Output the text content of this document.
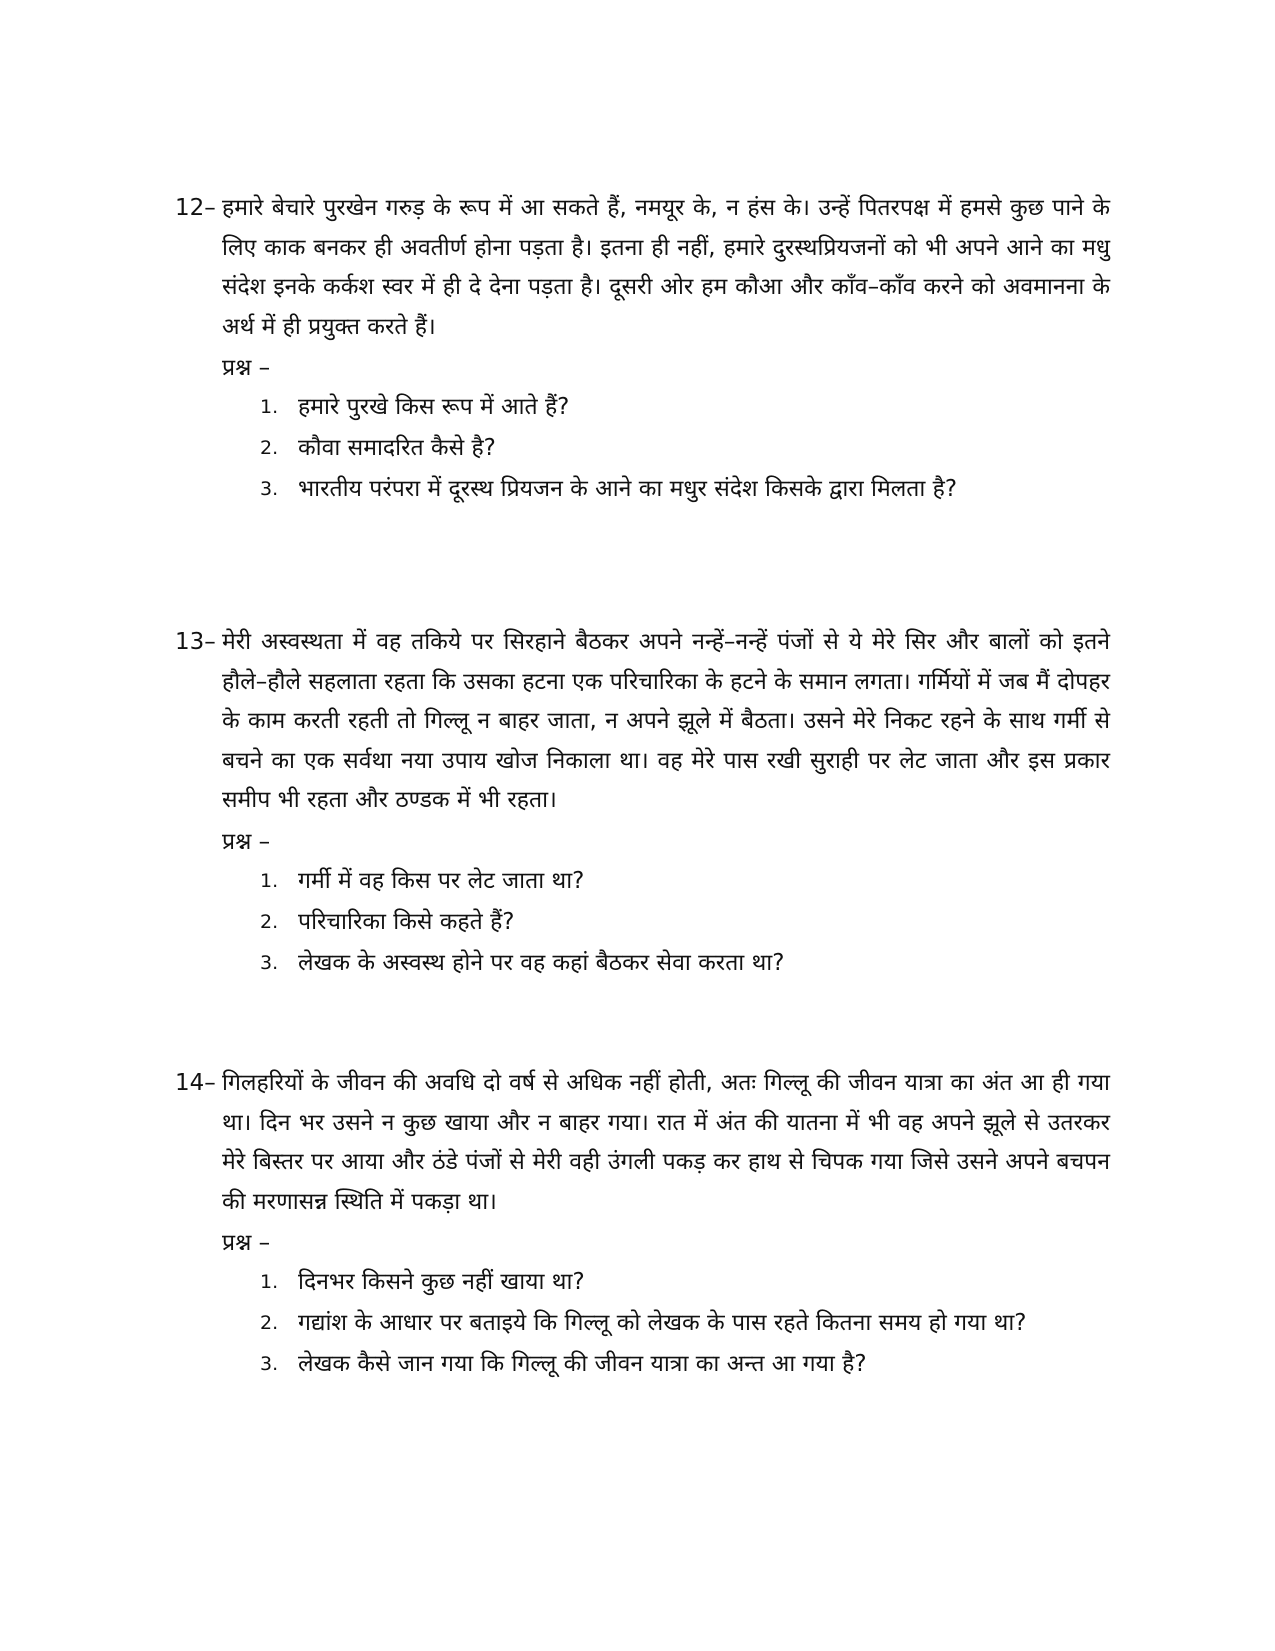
12– हमारे बेचारे पुरखेन गरुड़ के रूप में आ सकते हैं, नमयूर के, न हंस के। उन्हें पितरपक्ष में हमसे कुछ पाने के लिए काक बनकर ही अवतीर्ण होना पड़ता है। इतना ही नहीं, हमारे दुरस्थप्रियजनों को भी अपने आने का मधु संदेश इनके कर्कश स्वर में ही दे देना पड़ता है। दूसरी ओर हम कौआ और काँव–काँव करने को अवमानना के अर्थ में ही प्रयुक्त करते हैं।

प्रश्न –
1. हमारे पुरखे किस रूप में आते हैं?
2. कौवा समादरित कैसे है?
3. भारतीय परंपरा में दूरस्थ प्रियजन के आने का मधुर संदेश किसके द्वारा मिलता है?

13– मेरी अस्वस्थता में वह तकिये पर सिरहाने बैठकर अपने नन्हें–नन्हें पंजों से ये मेरे सिर और बालों को इतने हौले–हौले सहलाता रहता कि उसका हटना एक परिचारिका के हटने के समान लगता। गर्मियों में जब मैं दोपहर के काम करती रहती तो गिल्लू न बाहर जाता, न अपने झूले में बैठता। उसने मेरे निकट रहने के साथ गर्मी से बचने का एक सर्वथा नया उपाय खोज निकाला था। वह मेरे पास रखी सुराही पर लेट जाता और इस प्रकार समीप भी रहता और ठण्डक में भी रहता।

प्रश्न –
1. गर्मी में वह किस पर लेट जाता था?
2. परिचारिका किसे कहते हैं?
3. लेखक के अस्वस्थ होने पर वह कहां बैठकर सेवा करता था?

14– गिलहरियों के जीवन की अवधि दो वर्ष से अधिक नहीं होती, अतः गिल्लू की जीवन यात्रा का अंत आ ही गया था। दिन भर उसने न कुछ खाया और न बाहर गया। रात में अंत की यातना में भी वह अपने झूले से उतरकर मेरे बिस्तर पर आया और ठंडे पंजों से मेरी वही उंगली पकड़ कर हाथ से चिपक गया जिसे उसने अपने बचपन की मरणासन्न स्थिति में पकड़ा था।

प्रश्न –
1. दिनभर किसने कुछ नहीं खाया था?
2. गद्यांश के आधार पर बताइये कि गिल्लू को लेखक के पास रहते कितना समय हो गया था?
3. लेखक कैसे जान गया कि गिल्लू की जीवन यात्रा का अन्त आ गया है?
